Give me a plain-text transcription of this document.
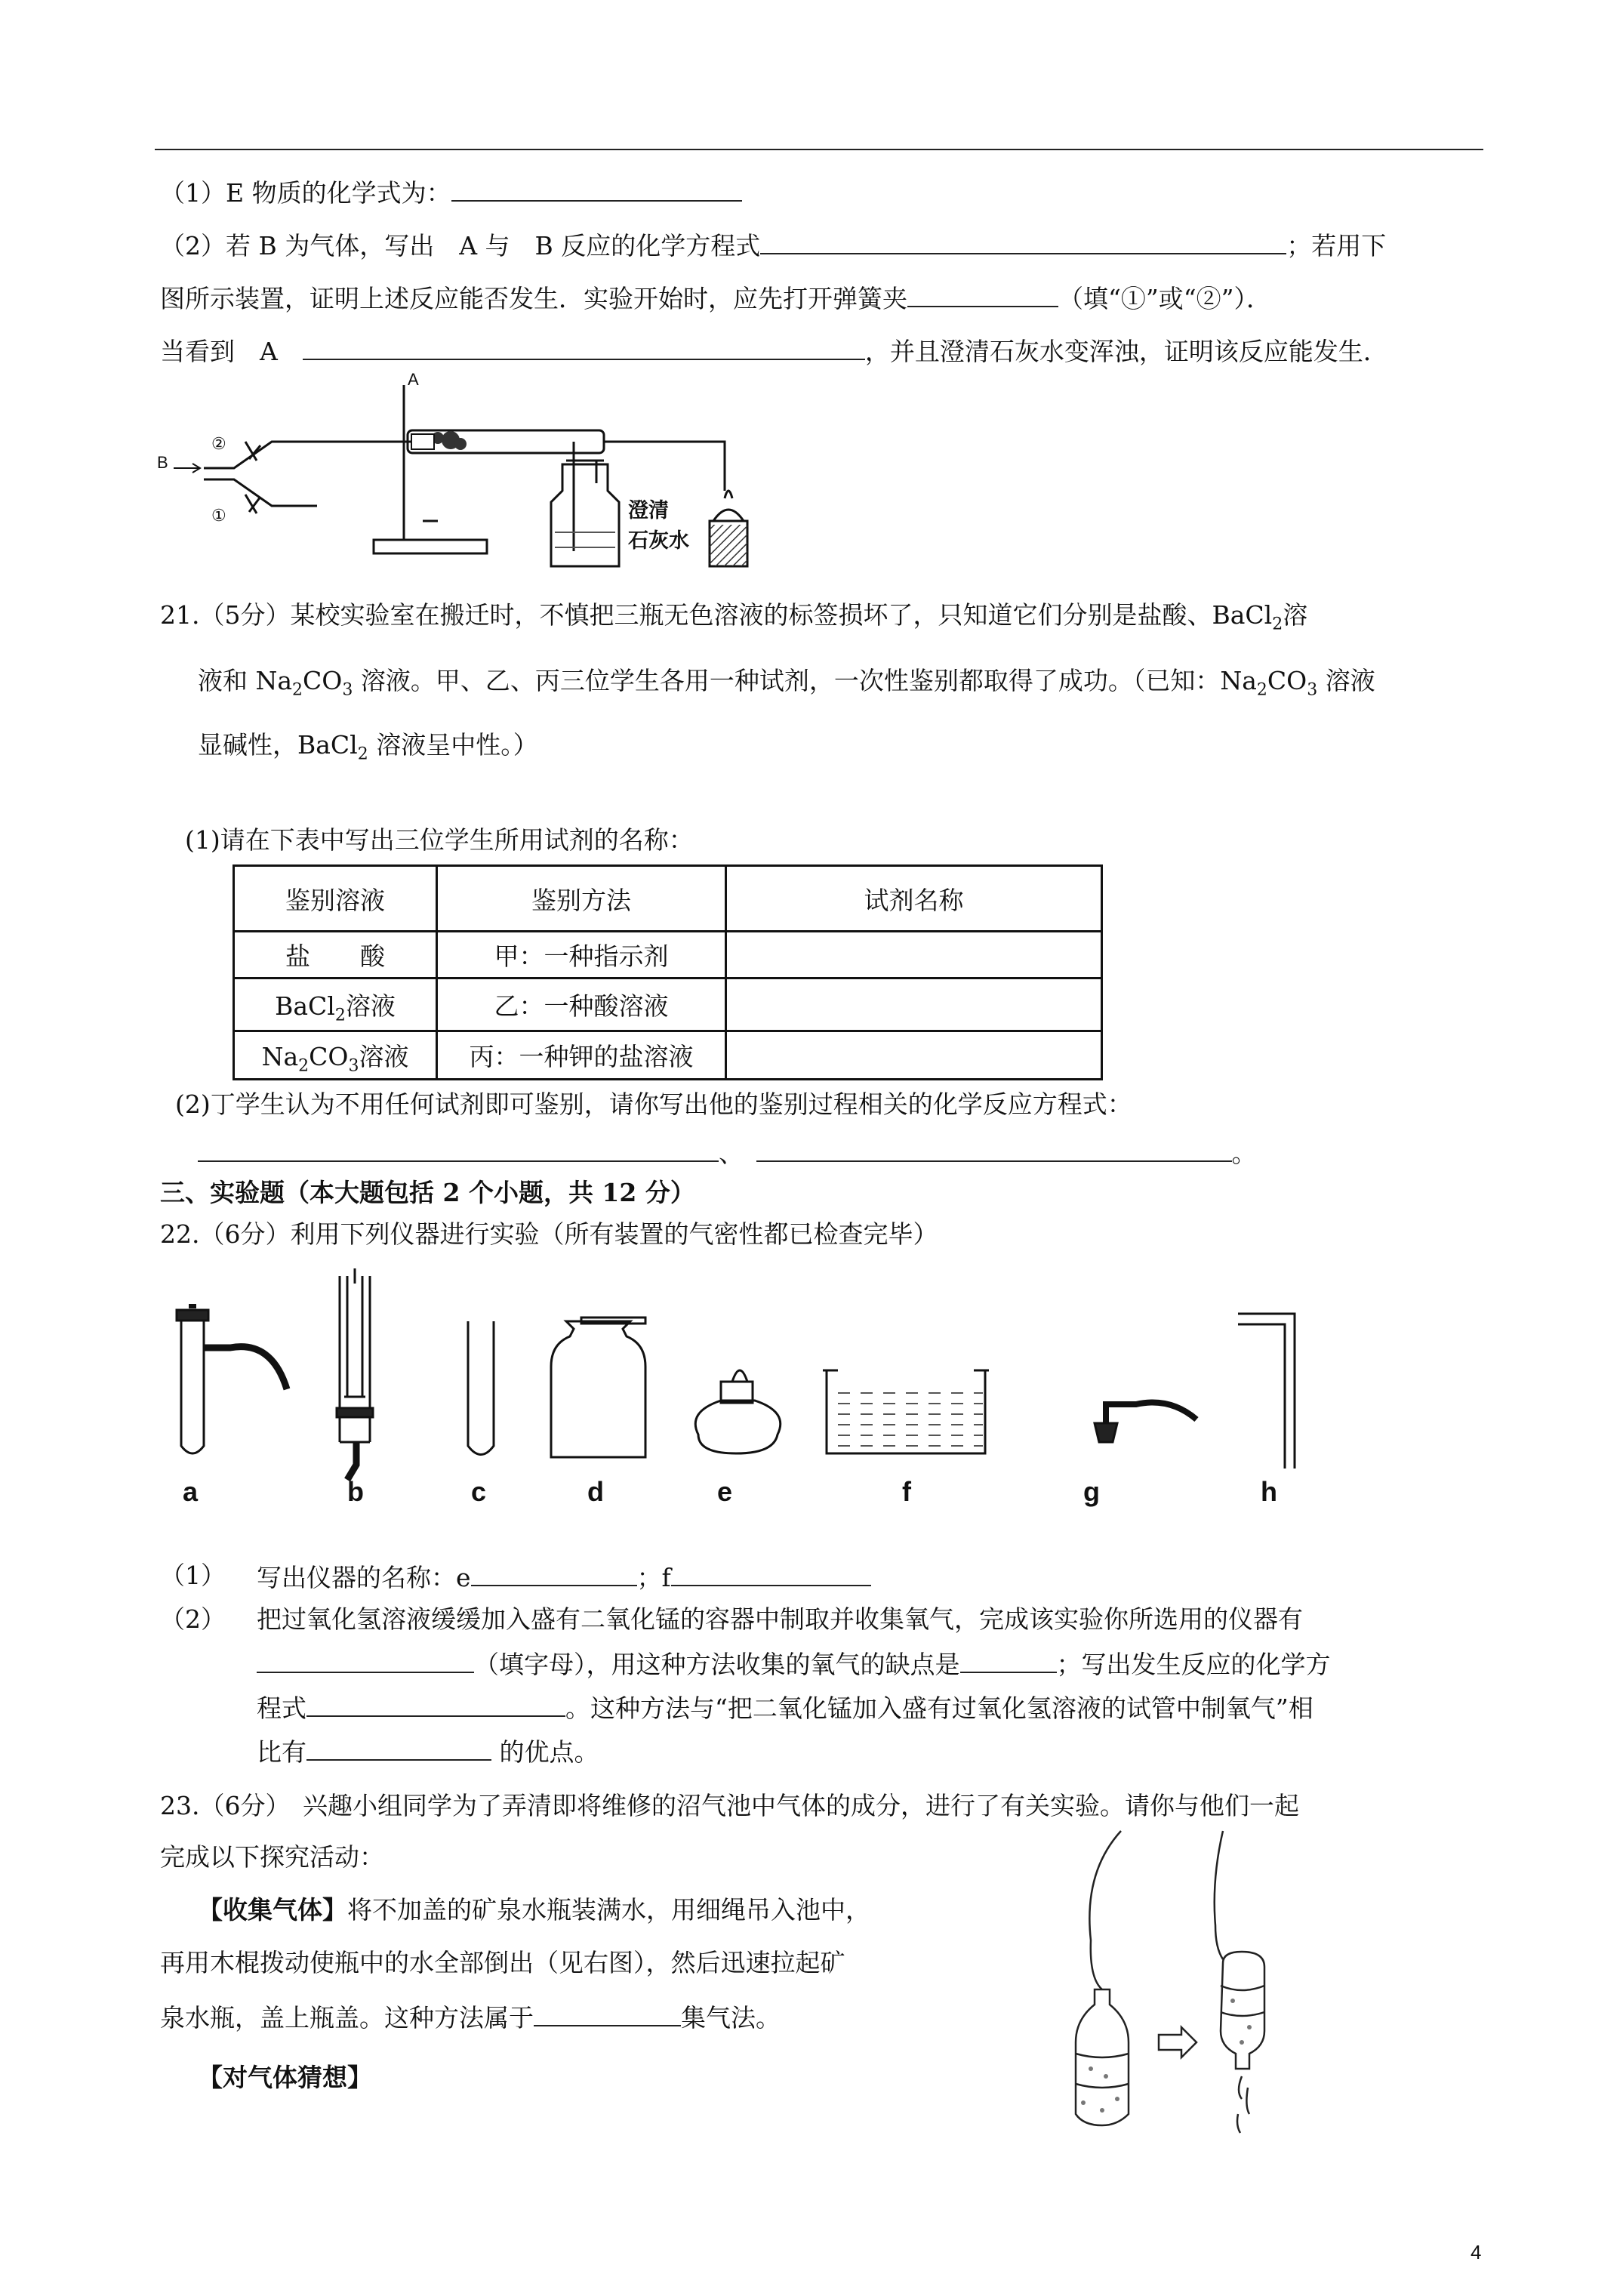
（1）E 物质的化学式为：
（2）若 B 为气体，写出　A 与　B 反应的化学方程式	；若用下
图所示装置，证明上述反应能否发生．实验开始时，应先打开弹簧夹	（填“①”或“②”）．
当看到　A　	，并且澄清石灰水变浑浊，证明该反应能发生．
A
B
②
①	澄清
石灰水
21.（5分）某校实验室在搬迁时，不慎把三瓶无色溶液的标签损坏了，只知道它们分别是盐酸、BaCl$_2$溶
液和 $Na_2CO_3$ 溶液。甲、乙、丙三位学生各用一种试剂，一次性鉴别都取得了成功。（已知：$Na_2CO_3$ 溶液
显碱性，BaCl$_2$ 溶液呈中性。）
(1)请在下表中写出三位学生所用试剂的名称：
鉴别溶液	鉴别方法	试剂名称
盐　　酸	甲：一种指示剂	
BaCl$_2$溶液	乙：一种酸溶液	
$Na_2CO_3$溶液	丙：一种钾的盐溶液	
(2)丁学生认为不用任何试剂即可鉴别，请你写出他的鉴别过程相关的化学反应方程式：
、　	。
三、实验题（本大题包括 2 个小题，共 12 分）
22.（6分）利用下列仪器进行实验（所有装置的气密性都已检查完毕）
a	b	c	d	e	f	g	h
（1） 写出仪器的名称：e	；f
（2） 把过氧化氢溶液缓缓加入盛有二氧化锰的容器中制取并收集氧气，完成该实验你所选用的仪器有
（填字母），用这种方法收集的氧气的缺点是	；写出发生反应的化学方
程式	。这种方法与“把二氧化锰加入盛有过氧化氢溶液的试管中制氧气”相
比有	的优点。
23.（6分）　兴趣小组同学为了弄清即将维修的沼气池中气体的成分，进行了有关实验。请你与他们一起
完成以下探究活动：
【收集气体】将不加盖的矿泉水瓶装满水，用细绳吊入池中，
再用木棍拨动使瓶中的水全部倒出（见右图），然后迅速拉起矿
泉水瓶，盖上瓶盖。这种方法属于	集气法。
【对气体猜想】
4
